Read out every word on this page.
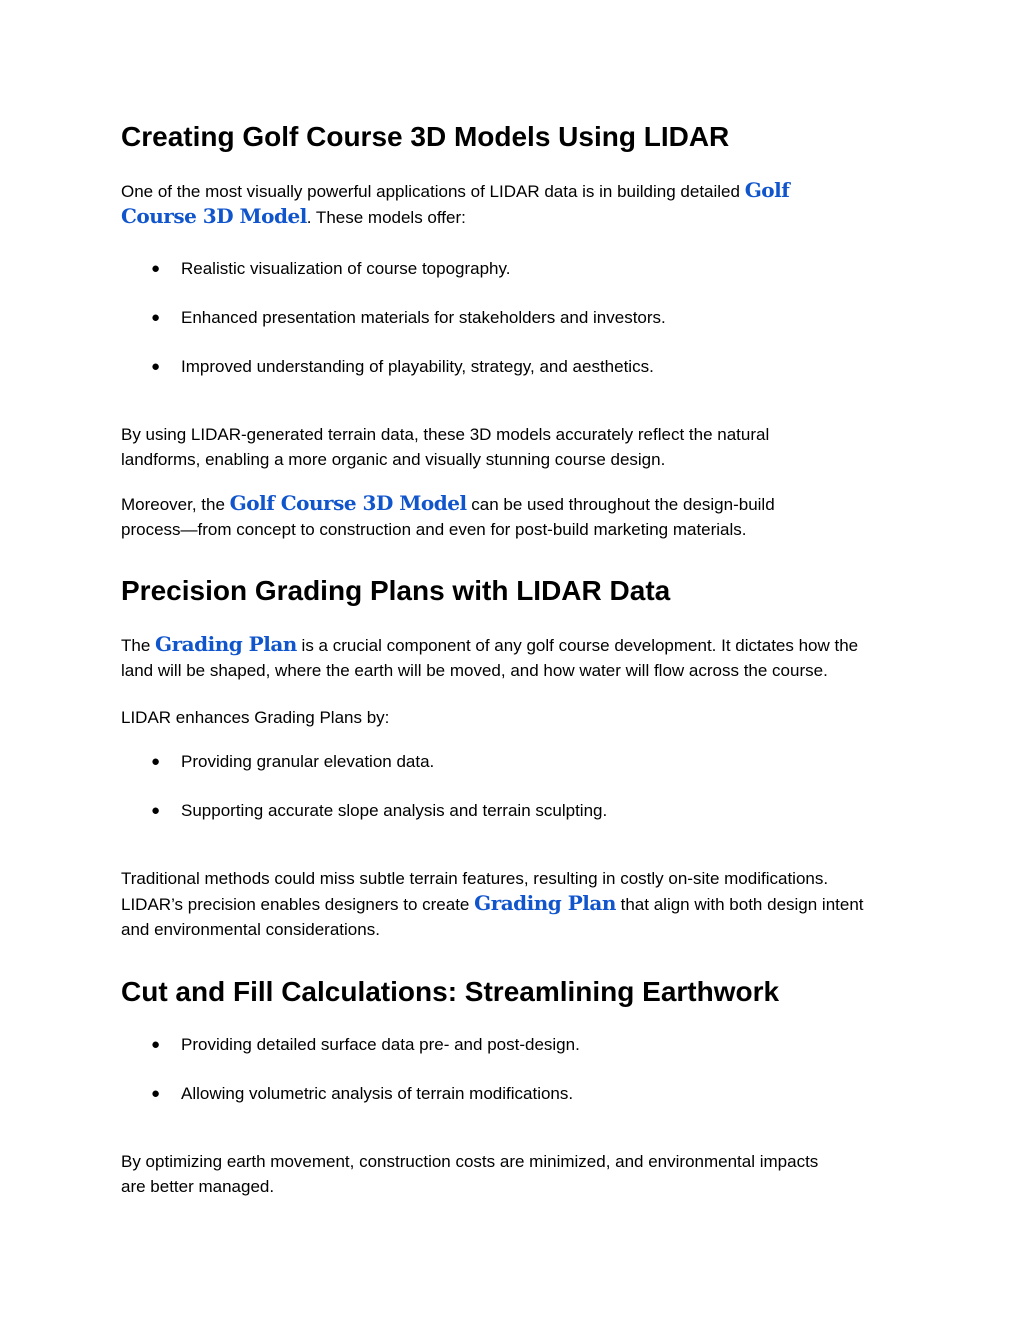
Creating Golf Course 3D Models Using LIDAR

One of the most visually powerful applications of LIDAR data is in building detailed Golf
Course 3D Model. These models offer:

● Realistic visualization of course topography.
● Enhanced presentation materials for stakeholders and investors.
● Improved understanding of playability, strategy, and aesthetics.

By using LIDAR-generated terrain data, these 3D models accurately reflect the natural
landforms, enabling a more organic and visually stunning course design.

Moreover, the Golf Course 3D Model can be used throughout the design-build
process—from concept to construction and even for post-build marketing materials.

Precision Grading Plans with LIDAR Data

The Grading Plan is a crucial component of any golf course development. It dictates how the
land will be shaped, where the earth will be moved, and how water will flow across the course.

LIDAR enhances Grading Plans by:

● Providing granular elevation data.
● Supporting accurate slope analysis and terrain sculpting.

Traditional methods could miss subtle terrain features, resulting in costly on-site modifications.
LIDAR’s precision enables designers to create Grading Plan that align with both design intent
and environmental considerations.

Cut and Fill Calculations: Streamlining Earthwork
● Providing detailed surface data pre- and post-design.
● Allowing volumetric analysis of terrain modifications.

By optimizing earth movement, construction costs are minimized, and environmental impacts
are better managed.
